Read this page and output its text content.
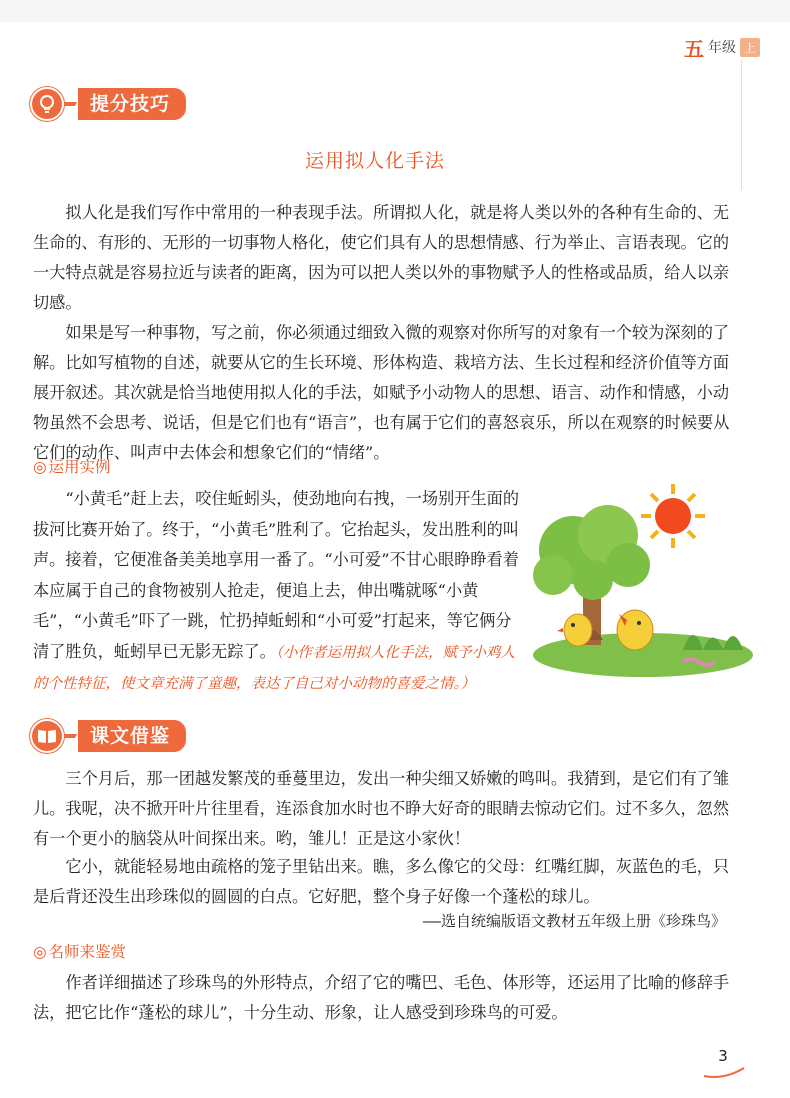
五 年级 上
提分技巧
运用拟人化手法

拟人化是我们写作中常用的一种表现手法。所谓拟人化，就是将人类以外的各种有生命的、无生命的、有形的、无形的一切事物人格化，使它们具有人的思想情感、行为举止、言语表现。它的一大特点就是容易拉近与读者的距离，因为可以把人类以外的事物赋予人的性格或品质，给人以亲切感。

如果是写一种事物，写之前，你必须通过细致入微的观察对你所写的对象有一个较为深刻的了解。比如写植物的自述，就要从它的生长环境、形体构造、栽培方法、生长过程和经济价值等方面展开叙述。其次就是恰当地使用拟人化的手法，如赋予小动物人的思想、语言、动作和情感，小动物虽然不会思考、说话，但是它们也有“语言”，也有属于它们的喜怒哀乐，所以在观察的时候要从它们的动作、叫声中去体会和想象它们的“情绪”。

◎ 运用实例

“小黄毛”赶上去，咬住蚯蚓头，使劲地向右拽，一场别开生面的拔河比赛开始了。终于，“小黄毛”胜利了。它抬起头，发出胜利的叫声。接着，它便准备美美地享用一番了。“小可爱”不甘心眼睁睁看着本应属于自己的食物被别人抢走，便追上去，伸出嘴就啄“小黄毛”，“小黄毛”吓了一跳，忙扔掉蚯蚓和“小可爱”打起来，等它俩分清了胜负，蚯蚓早已无影无踪了。（小作者运用拟人化手法，赋予小鸡人的个性特征，使文章充满了童趣，表达了自己对小动物的喜爱之情。）

课文借鉴

三个月后，那一团越发繁茂的垂蔓里边，发出一种尖细又娇嫩的鸣叫。我猜到，是它们有了雏儿。我呢，决不掀开叶片往里看，连添食加水时也不睁大好奇的眼睛去惊动它们。过不多久，忽然有一个更小的脑袋从叶间探出来。哟，雏儿！正是这小家伙！

它小，就能轻易地由疏格的笼子里钻出来。瞧，多么像它的父母：红嘴红脚，灰蓝色的毛，只是后背还没生出珍珠似的圆圆的白点。它好肥，整个身子好像一个蓬松的球儿。

——选自统编版语文教材五年级上册《珍珠鸟》
◎ 名师来鉴赏

作者详细描述了珍珠鸟的外形特点，介绍了它的嘴巴、毛色、体形等，还运用了比喻的修辞手法，把它比作“蓬松的球儿”，十分生动、形象，让人感受到珍珠鸟的可爱。

3
